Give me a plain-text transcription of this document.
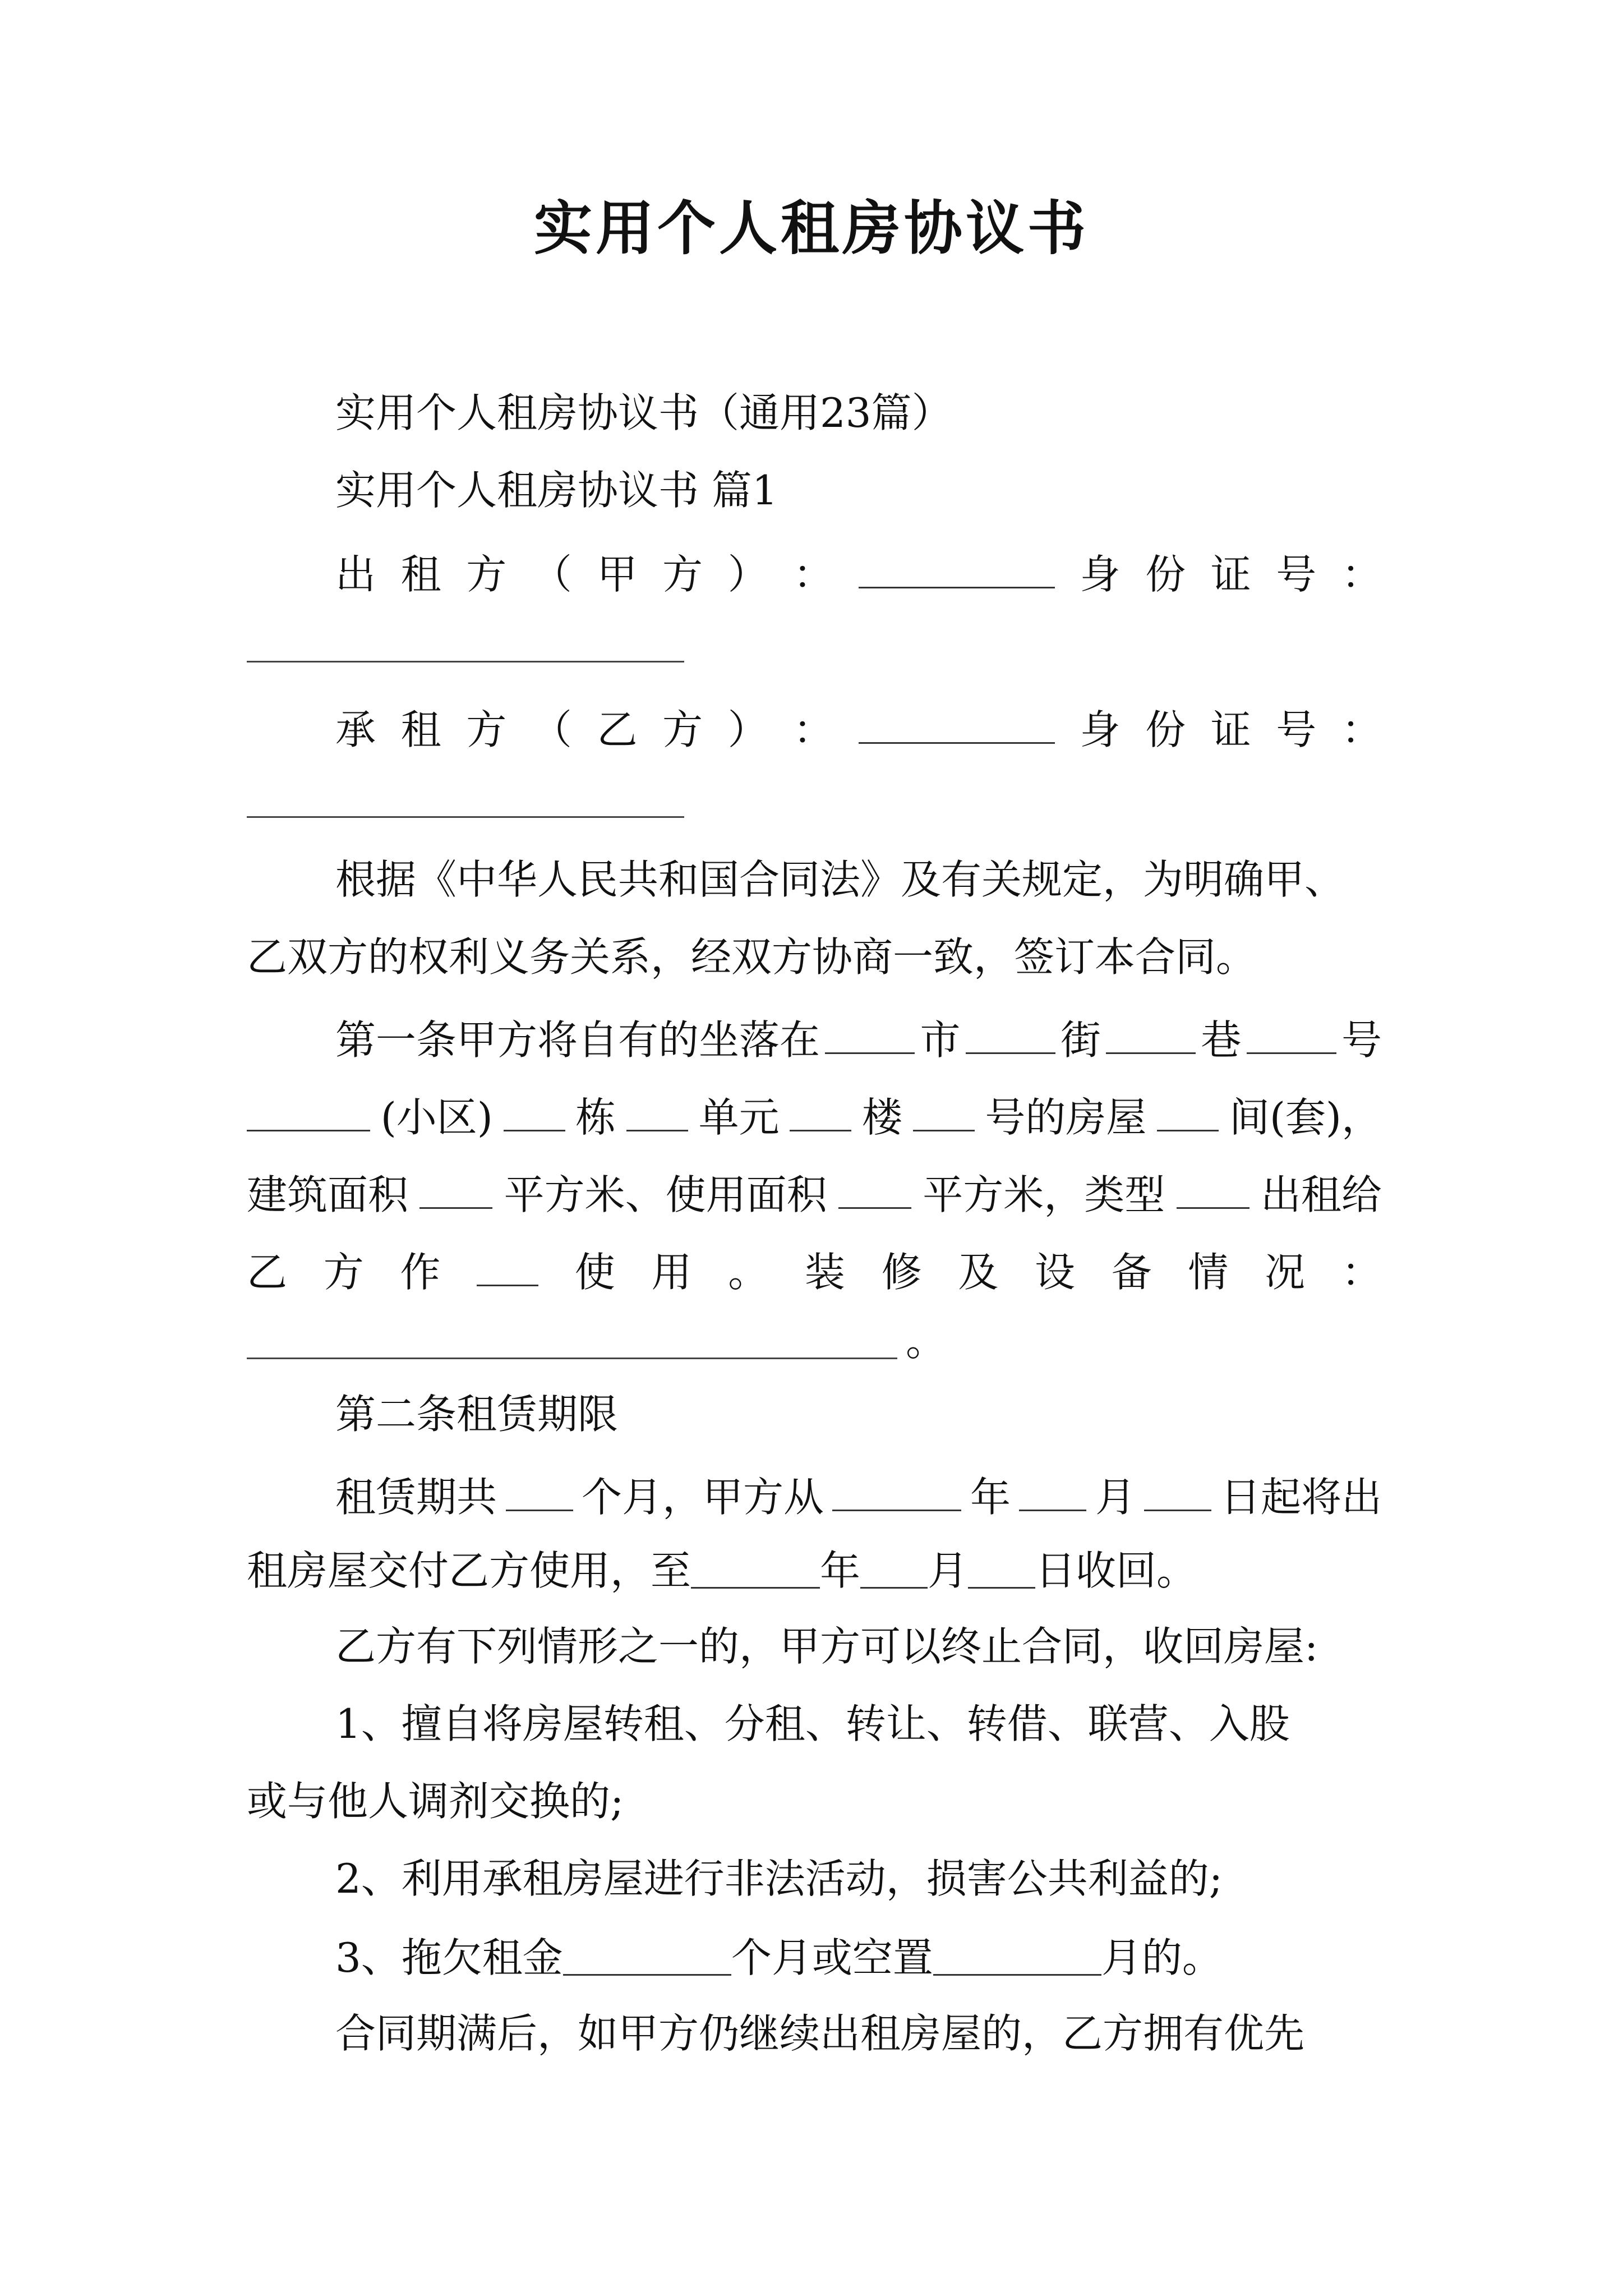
实用个人租房协议书
实用个人租房协议书（通用23篇）
实用个人租房协议书 篇1
出 租 方 （ 甲 方 ） ：	身 份 证 号 ：
承 租 方 （ 乙 方 ） ：	身 份 证 号 ：
根据《中华人民共和国合同法》及有关规定，为明确甲、
乙双方的权利义务关系，经双方协商一致，签订本合同。
第一条甲方将自有的坐落在 市 街 巷 号
(小区) 栋 单元 楼 号的房屋 间(套)，
建筑面积 平方米、使用面积 平方米，类型 出租给
乙 方 作	使 用 。 装 修 及 设 备 情 况 ：
。
第二条租赁期限
租赁期共 个月，甲方从	年 月 日起将出
租房屋交付乙方使用，至	年 月 日收回。
乙方有下列情形之一的，甲方可以终止合同，收回房屋:
1、擅自将房屋转租、分租、转让、转借、联营、入股
或与他人调剂交换的;
2、利用承租房屋进行非法活动，损害公共利益的;
3、拖欠租金	个月或空置	月的。
合同期满后，如甲方仍继续出租房屋的，乙方拥有优先
